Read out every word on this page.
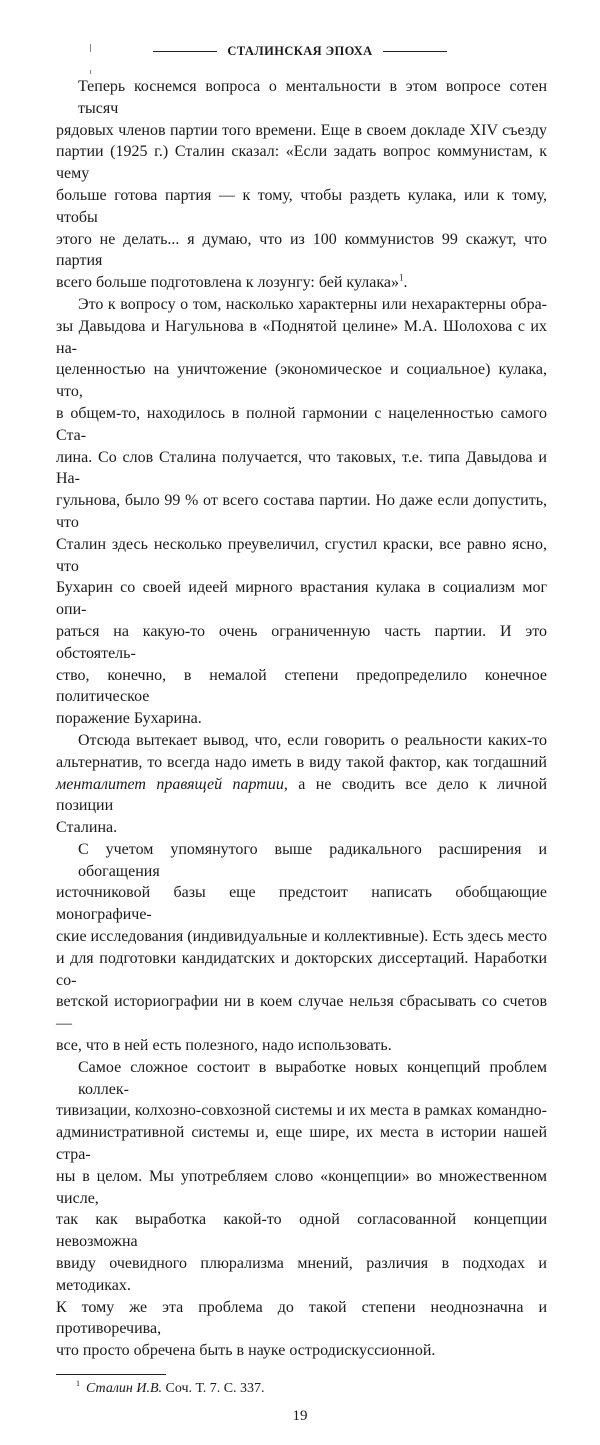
СТАЛИНСКАЯ ЭПОХА
Теперь коснемся вопроса о ментальности в этом вопросе сотен тысяч
рядовых членов партии того времени. Еще в своем докладе XIV съезду
партии (1925 г.) Сталин сказал: «Если задать вопрос коммунистам, к чему
больше готова партия — к тому, чтобы раздеть кулака, или к тому, чтобы
этого не делать... я думаю, что из 100 коммунистов 99 скажут, что партия
всего больше подготовлена к лозунгу: бей кулака»$^1$.
Это к вопросу о том, насколько характерны или нехарактерны обра-
зы Давыдова и Нагульнова в «Поднятой целине» М.А. Шолохова с их на-
целенностью на уничтожение (экономическое и социальное) кулака, что,
в общем-то, находилось в полной гармонии с нацеленностью самого Ста-
лина. Со слов Сталина получается, что таковых, т.е. типа Давыдова и На-
гульнова, было 99 % от всего состава партии. Но даже если допустить, что
Сталин здесь несколько преувеличил, сгустил краски, все равно ясно, что
Бухарин со своей идеей мирного врастания кулака в социализм мог опи-
раться на какую-то очень ограниченную часть партии. И это обстоятель-
ство, конечно, в немалой степени предопределило конечное политическое
поражение Бухарина.
Отсюда вытекает вывод, что, если говорить о реальности каких-то
альтернатив, то всегда надо иметь в виду такой фактор, как тогдашний
менталитет правящей партии, а не сводить все дело к личной позиции
Сталина.
С учетом упомянутого выше радикального расширения и обогащения
источниковой базы еще предстоит написать обобщающие монографиче-
ские исследования (индивидуальные и коллективные). Есть здесь место
и для подготовки кандидатских и докторских диссертаций. Наработки со-
ветской историографии ни в коем случае нельзя сбрасывать со счетов —
все, что в ней есть полезного, надо использовать.
Самое сложное состоит в выработке новых концепций проблем коллек-
тивизации, колхозно-совхозной системы и их места в рамках командно-
административной системы и, еще шире, их места в истории нашей стра-
ны в целом. Мы употребляем слово «концепции» во множественном числе,
так как выработка какой-то одной согласованной концепции невозможна
ввиду очевидного плюрализма мнений, различия в подходах и методиках.
К тому же эта проблема до такой степени неоднозначна и противоречива,
что просто обречена быть в науке остродискуссионной.
$^1$ Сталин И.В. Соч. Т. 7. С. 337.
19
